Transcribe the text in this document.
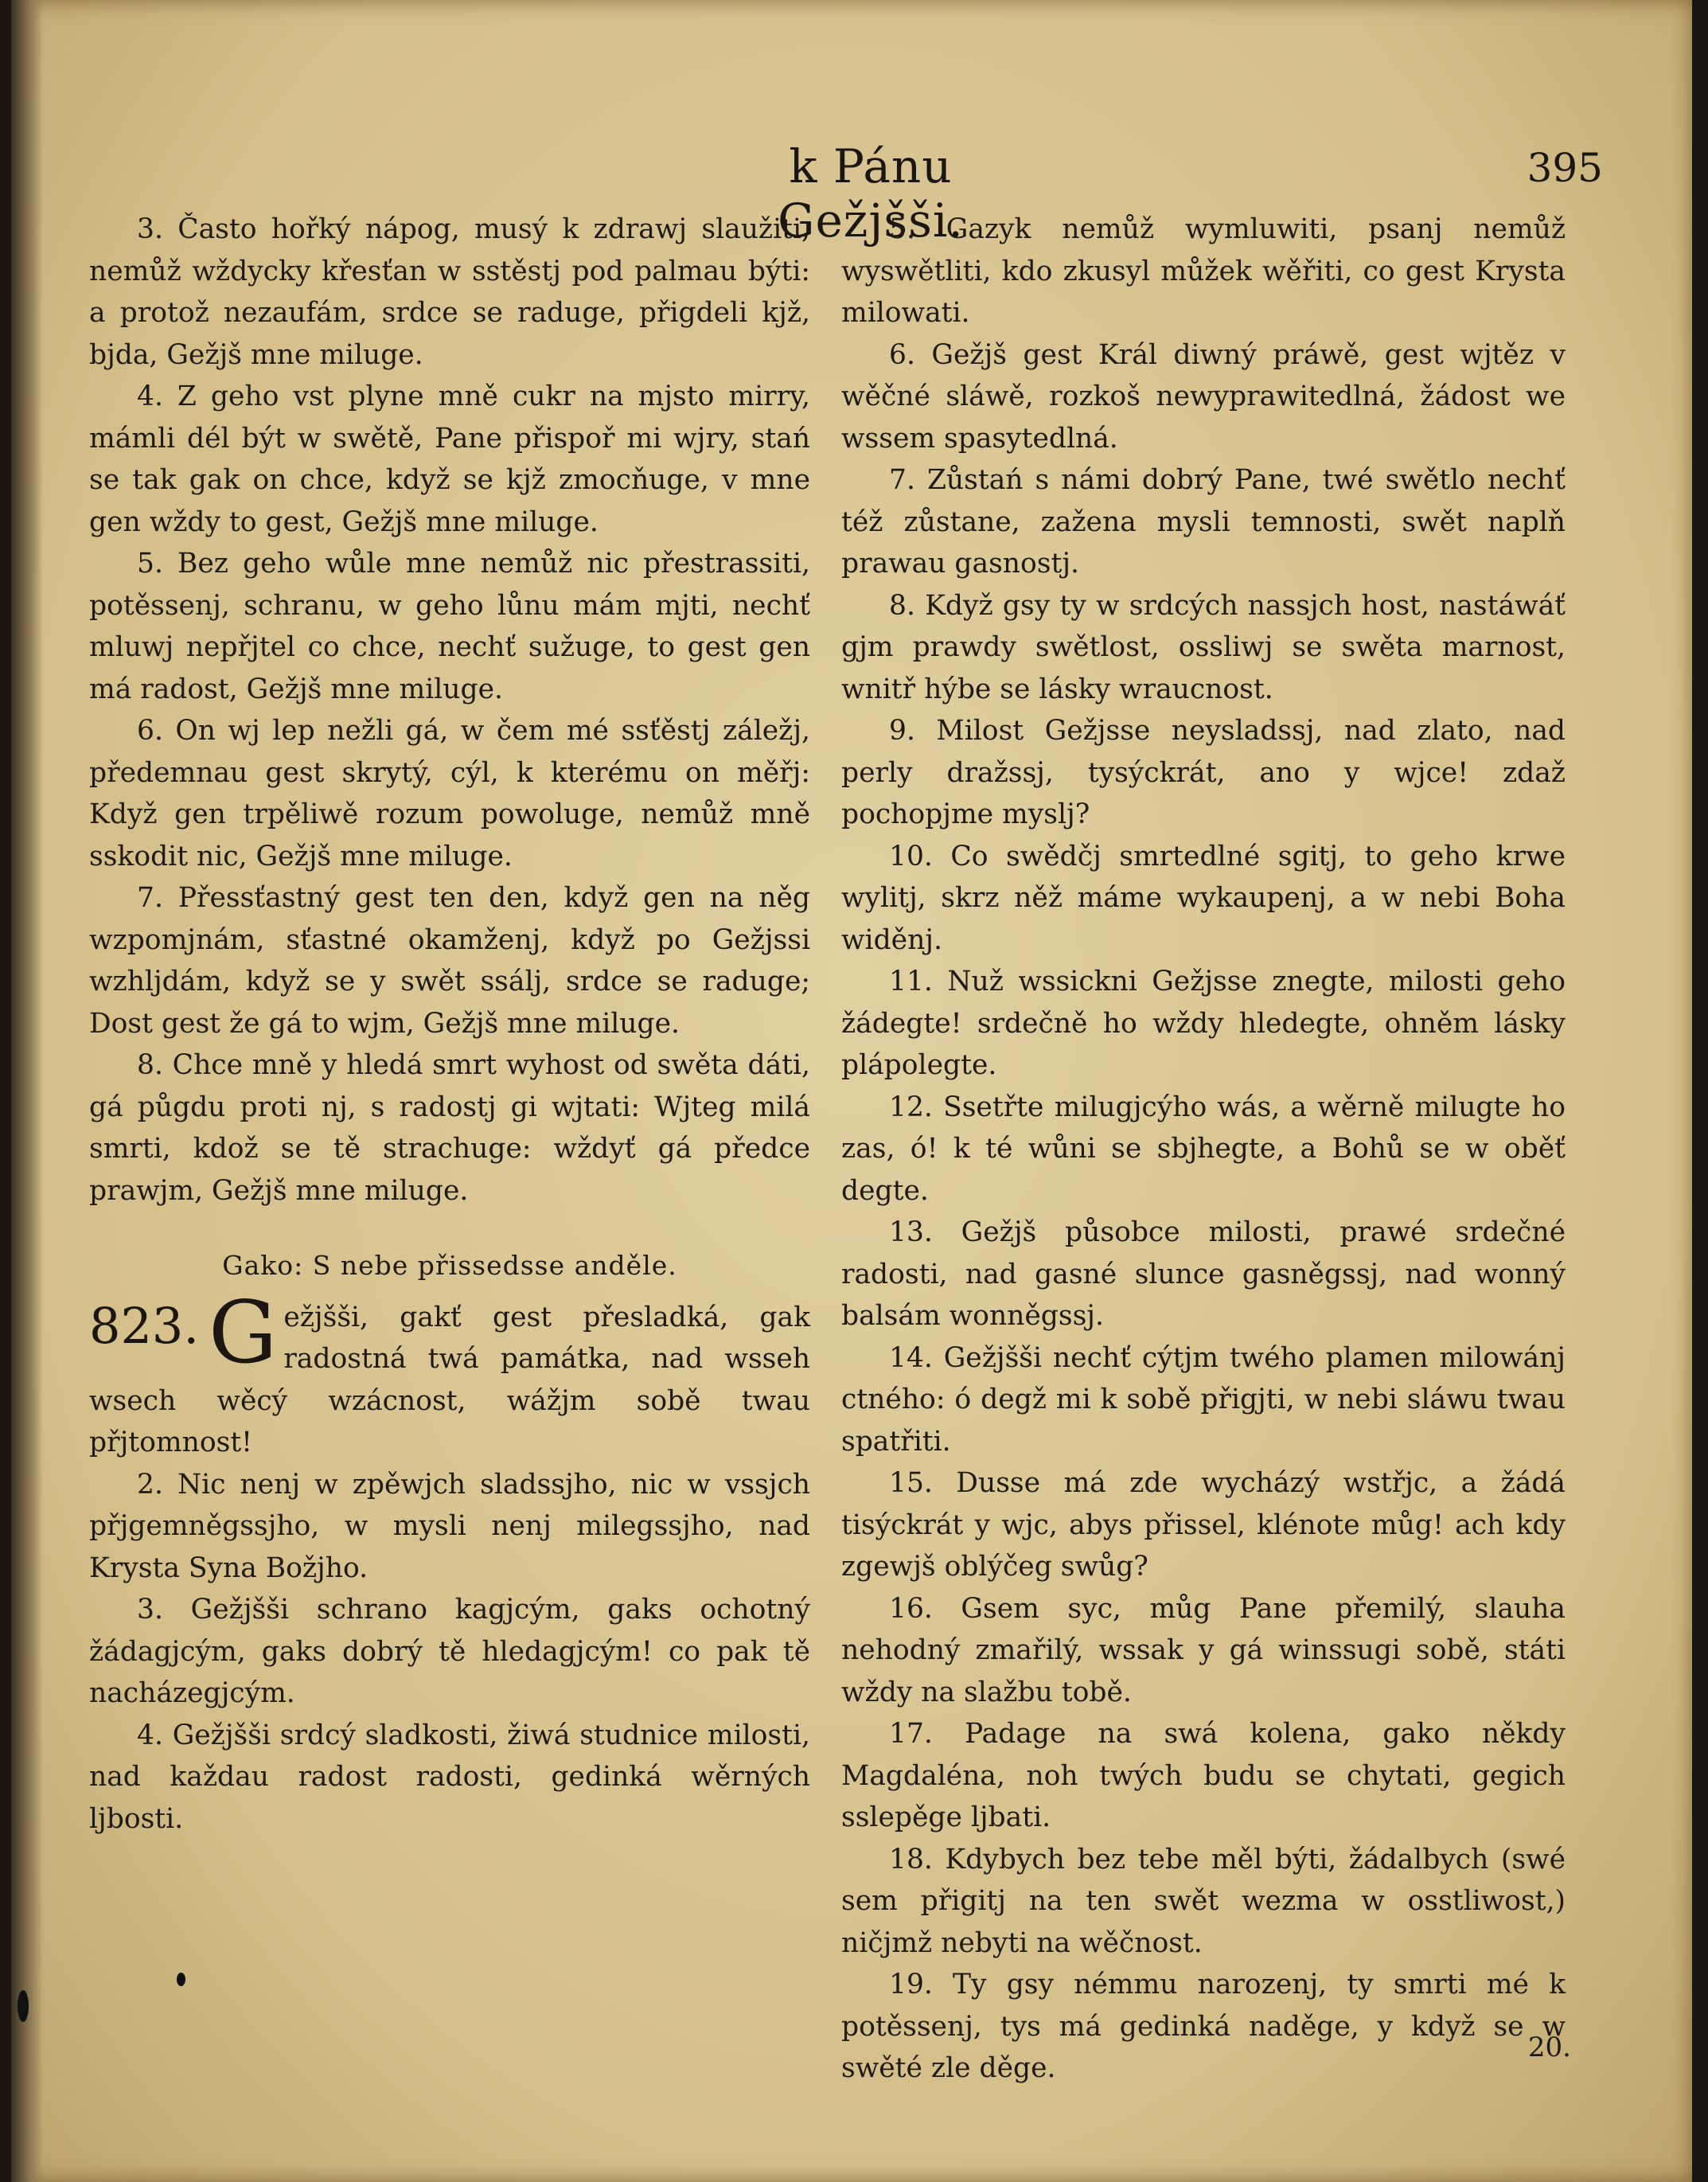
k Pánu Gežjšši.
395

3. Často hořký nápog, musý k zdrawj slaužiti, nemůž wždycky křesťan w sstěstj pod palmau býti: a protož nezaufám, srdce se raduge, přigdeli kjž, bjda, Gežjš mne miluge.

4. Z geho vst plyne mně cukr na mjsto mirry, mámli dél být w swětě, Pane přispoř mi wjry, stań se tak gak on chce, když se kjž zmocňuge, v mne gen wždy to gest, Gežjš mne miluge.

5. Bez geho wůle mne nemůž nic přestrassiti, potěssenj, schranu, w geho lůnu mám mjti, nechť mluwj nepřjtel co chce, nechť sužuge, to gest gen má radost, Gežjš mne miluge.

6. On wj lep nežli gá, w čem mé ssťěstj záležj, předemnau gest skrytý, cýl, k kterému on měřj: Když gen trpěliwě rozum powoluge, nemůž mně sskodit nic, Gežjš mne miluge.

7. Přessťastný gest ten den, když gen na něg wzpomjnám, sťastné okamženj, když po Gežjssi wzhljdám, když se y swět ssálj, srdce se raduge; Dost gest že gá to wjm, Gežjš mne miluge.

8. Chce mně y hledá smrt wyhost od swěta dáti, gá půgdu proti nj, s radostj gi wjtati: Wjteg milá smrti, kdož se tě strachuge: wždyť gá předce prawjm, Gežjš mne miluge.

Gako: S nebe přissedsse anděle.
823. G ežjšši, gakť gest přesladká, gak radostná twá památka, nad wsseh wsech wěcý wzácnost, wážjm sobě twau přjtomnost!

2. Nic nenj w zpěwjch sladssjho, nic w vssjch přjgemněgssjho, w mysli nenj milegssjho, nad Krysta Syna Božjho.

3. Gežjšši schrano kagjcým, gaks ochotný žádagjcým, gaks dobrý tě hledagjcým! co pak tě nacházegjcým.

4. Gežjšši srdcý sladkosti, žiwá studnice milosti, nad každau radost radosti, gedinká wěrných ljbosti.

5. Gazyk nemůž wymluwiti, psanj nemůž wyswětliti, kdo zkusyl můžek wěřiti, co gest Krysta milowati.

6. Gežjš gest Král diwný práwě, gest wjtěz v wěčné sláwě, rozkoš newyprawitedlná, žádost we wssem spasytedlná.

7. Zůstań s námi dobrý Pane, twé swětlo nechť též zůstane, zažena mysli temnosti, swět naplň prawau gasnostj.

8. Když gsy ty w srdcých nassjch host, nastáwáť gjm prawdy swětlost, ossliwj se swěta marnost, wnitř hýbe se lásky wraucnost.

9. Milost Gežjsse neysladssj, nad zlato, nad perly dražssj, tysýckrát, ano y wjce! zdaž pochopjme myslj?

10. Co swědčj smrtedlné sgitj, to geho krwe wylitj, skrz něž máme wykaupenj, a w nebi Boha widěnj.

11. Nuž wssickni Gežjsse znegte, milosti geho žádegte! srdečně ho wždy hledegte, ohněm lásky plápolegte.

12. Ssetřte milugjcýho wás, a wěrně milugte ho zas, ó! k té wůni se sbjhegte, a Bohů se w oběť degte.

13. Gežjš působce milosti, prawé srdečné radosti, nad gasné slunce gasněgssj, nad wonný balsám wonněgssj.

14. Gežjšši nechť cýtjm twého plamen milowánj ctného: ó degž mi k sobě přigjti, w nebi sláwu twau spatřiti.

15. Dusse má zde wycházý wstřjc, a žádá tisýckrát y wjc, abys přissel, klénote můg! ach kdy zgewjš oblýčeg swůg?

16. Gsem syc, můg Pane přemilý, slauha nehodný zmařilý, wssak y gá winssugi sobě, státi wždy na slažbu tobě.

17. Padage na swá kolena, gako někdy Magdaléna, noh twých budu se chytati, gegich sslepěge ljbati.

18. Kdybych bez tebe měl býti, žádalbych (swé sem přigitj na ten swět wezma w osstliwost,) ničjmž nebyti na wěčnost.

19. Ty gsy némmu narozenj, ty smrti mé k potěssenj, tys má gedinká naděge, y když se w swěté zle děge.

20.
